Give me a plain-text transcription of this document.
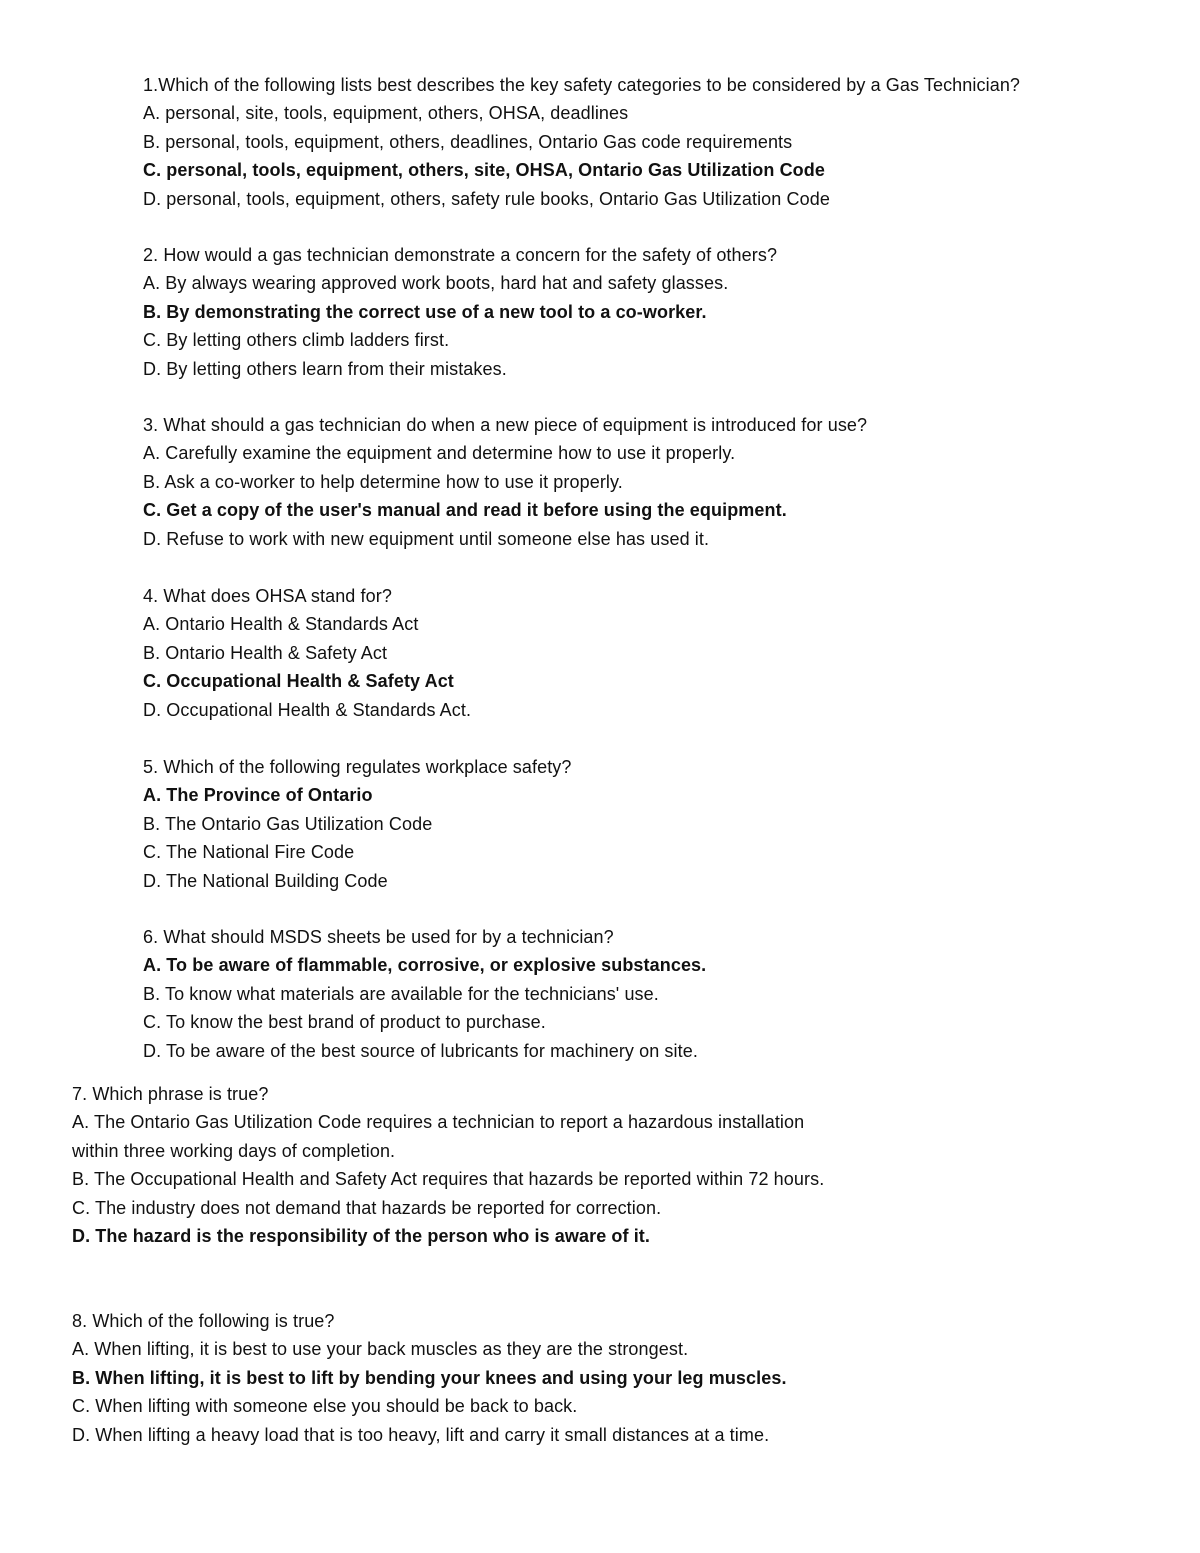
1.Which of the following lists best describes the key safety categories to be considered by a Gas Technician?
A. personal, site, tools, equipment, others, OHSA, deadlines
B. personal, tools, equipment, others, deadlines, Ontario Gas code requirements
C. personal, tools, equipment, others, site, OHSA, Ontario Gas Utilization Code
D. personal, tools, equipment, others, safety rule books, Ontario Gas Utilization Code
2. How would a gas technician demonstrate a concern for the safety of others?
A. By always wearing approved work boots, hard hat and safety glasses.
B. By demonstrating the correct use of a new tool to a co-worker.
C. By letting others climb ladders first.
D. By letting others learn from their mistakes.
3. What should a gas technician do when a new piece of equipment is introduced for use?
A. Carefully examine the equipment and determine how to use it properly.
B. Ask a co-worker to help determine how to use it properly.
C. Get a copy of the user's manual and read it before using the equipment.
D. Refuse to work with new equipment until someone else has used it.
4. What does OHSA stand for?
A. Ontario Health & Standards Act
B. Ontario Health & Safety Act
C. Occupational Health & Safety Act
D. Occupational Health & Standards Act.
5. Which of the following regulates workplace safety?
A. The Province of Ontario
B. The Ontario Gas Utilization Code
C. The National Fire Code
D. The National Building Code
6. What should MSDS sheets be used for by a technician?
A. To be aware of flammable, corrosive, or explosive substances.
B. To know what materials are available for the technicians' use.
C. To know the best brand of product to purchase.
D. To be aware of the best source of lubricants for machinery on site.
7. Which phrase is true?
A. The Ontario Gas Utilization Code requires a technician to report a hazardous installation within three working days of completion.
B. The Occupational Health and Safety Act requires that hazards be reported within 72 hours.
C. The industry does not demand that hazards be reported for correction.
D. The hazard is the responsibility of the person who is aware of it.
8. Which of the following is true?
A. When lifting, it is best to use your back muscles as they are the strongest.
B. When lifting, it is best to lift by bending your knees and using your leg muscles.
C. When lifting with someone else you should be back to back.
D. When lifting a heavy load that is too heavy, lift and carry it small distances at a time.
